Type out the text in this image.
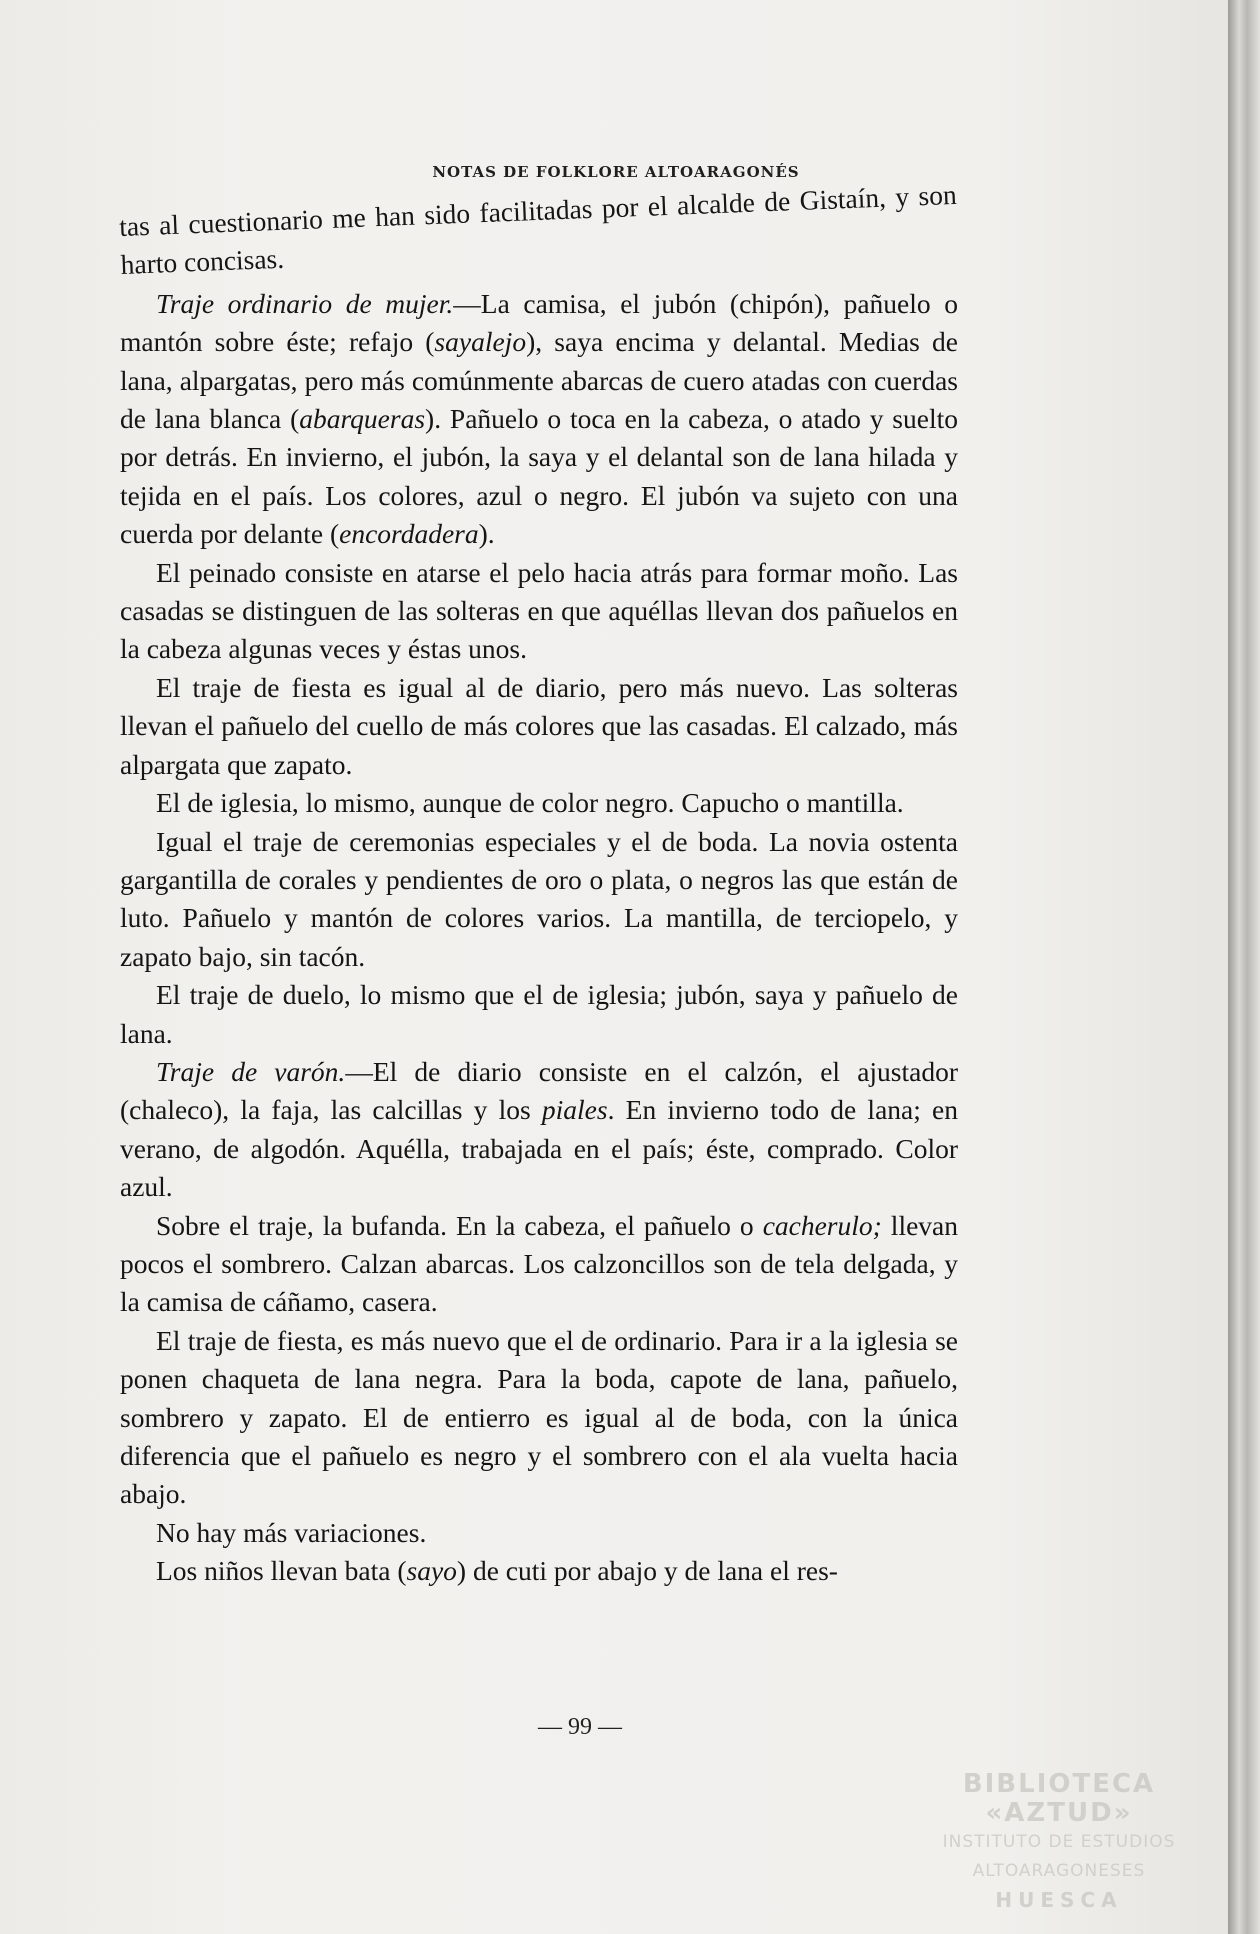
NOTAS DE FOLKLORE ALTOARAGONÉS

tas al cuestionario me han sido facilitadas por el alcalde de Gistaín, y son harto concisas.

Traje ordinario de mujer.—La camisa, el jubón (chipón), pañuelo o mantón sobre éste; refajo (sayalejo), saya encima y delantal. Medias de lana, alpargatas, pero más comúnmente abarcas de cuero atadas con cuerdas de lana blanca (abarqueras). Pañuelo o toca en la cabeza, o atado y suelto por detrás. En invierno, el jubón, la saya y el delantal son de lana hilada y tejida en el país. Los colores, azul o negro. El jubón va sujeto con una cuerda por delante (encordadera).

El peinado consiste en atarse el pelo hacia atrás para formar moño. Las casadas se distinguen de las solteras en que aquéllas llevan dos pañuelos en la cabeza algunas veces y éstas unos.

El traje de fiesta es igual al de diario, pero más nuevo. Las solteras llevan el pañuelo del cuello de más colores que las casadas. El calzado, más alpargata que zapato.

El de iglesia, lo mismo, aunque de color negro. Capucho o mantilla.

Igual el traje de ceremonias especiales y el de boda. La novia ostenta gargantilla de corales y pendientes de oro o plata, o negros las que están de luto. Pañuelo y mantón de colores varios. La mantilla, de terciopelo, y zapato bajo, sin tacón.

El traje de duelo, lo mismo que el de iglesia; jubón, saya y pañuelo de lana.

Traje de varón.—El de diario consiste en el calzón, el ajustador (chaleco), la faja, las calcillas y los piales. En invierno todo de lana; en verano, de algodón. Aquélla, trabajada en el país; éste, comprado. Color azul.

Sobre el traje, la bufanda. En la cabeza, el pañuelo o cacherulo; llevan pocos el sombrero. Calzan abarcas. Los calzoncillos son de tela delgada, y la camisa de cáñamo, casera.

El traje de fiesta, es más nuevo que el de ordinario. Para ir a la iglesia se ponen chaqueta de lana negra. Para la boda, capote de lana, pañuelo, sombrero y zapato. El de entierro es igual al de boda, con la única diferencia que el pañuelo es negro y el sombrero con el ala vuelta hacia abajo.

No hay más variaciones.

Los niños llevan bata (sayo) de cuti por abajo y de lana el res-

— 99 —
BIBLIOTECA «AZTUD»
INSTITUTO DE ESTUDIOS
ALTOARAGONESES
HUESCA
